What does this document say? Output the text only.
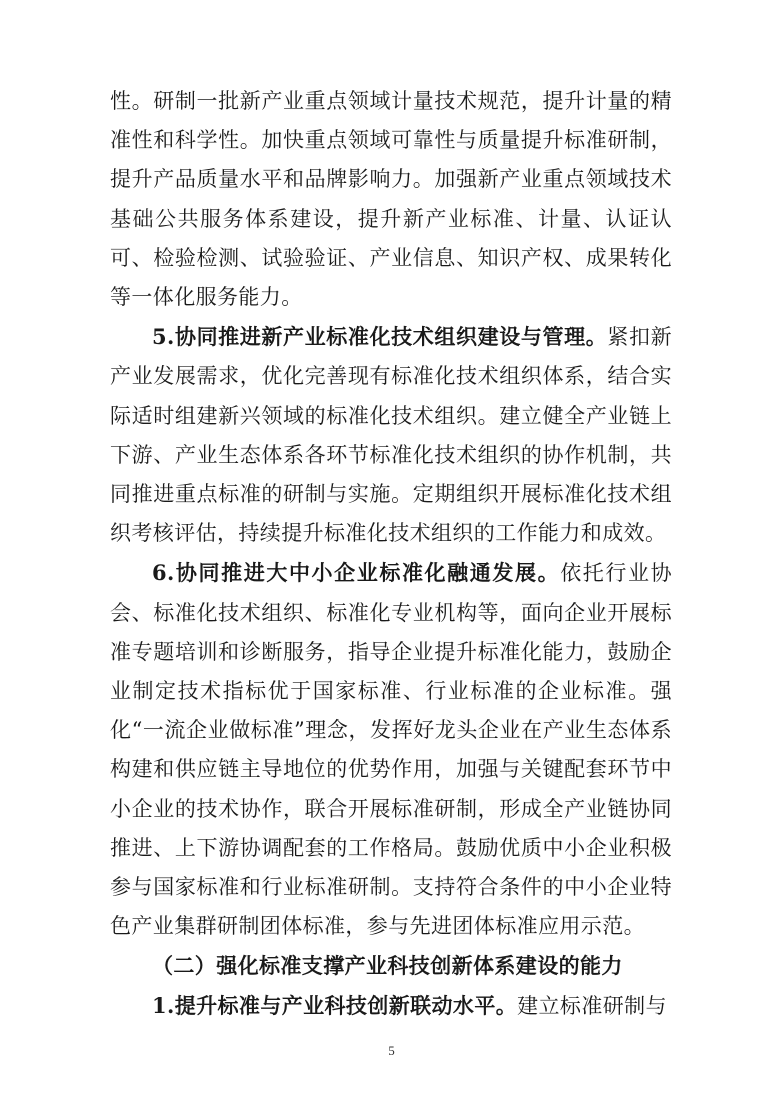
性。研制一批新产业重点领域计量技术规范，提升计量的精准性和科学性。加快重点领域可靠性与质量提升标准研制，提升产品质量水平和品牌影响力。加强新产业重点领域技术基础公共服务体系建设，提升新产业标准、计量、认证认可、检验检测、试验验证、产业信息、知识产权、成果转化等一体化服务能力。

5.协同推进新产业标准化技术组织建设与管理。紧扣新产业发展需求，优化完善现有标准化技术组织体系，结合实际适时组建新兴领域的标准化技术组织。建立健全产业链上下游、产业生态体系各环节标准化技术组织的协作机制，共同推进重点标准的研制与实施。定期组织开展标准化技术组织考核评估，持续提升标准化技术组织的工作能力和成效。

6.协同推进大中小企业标准化融通发展。依托行业协会、标准化技术组织、标准化专业机构等，面向企业开展标准专题培训和诊断服务，指导企业提升标准化能力，鼓励企业制定技术指标优于国家标准、行业标准的企业标准。强化“一流企业做标准”理念，发挥好龙头企业在产业生态体系构建和供应链主导地位的优势作用，加强与关键配套环节中小企业的技术协作，联合开展标准研制，形成全产业链协同推进、上下游协调配套的工作格局。鼓励优质中小企业积极参与国家标准和行业标准研制。支持符合条件的中小企业特色产业集群研制团体标准，参与先进团体标准应用示范。

（二）强化标准支撑产业科技创新体系建设的能力

1.提升标准与产业科技创新联动水平。建立标准研制与

5
